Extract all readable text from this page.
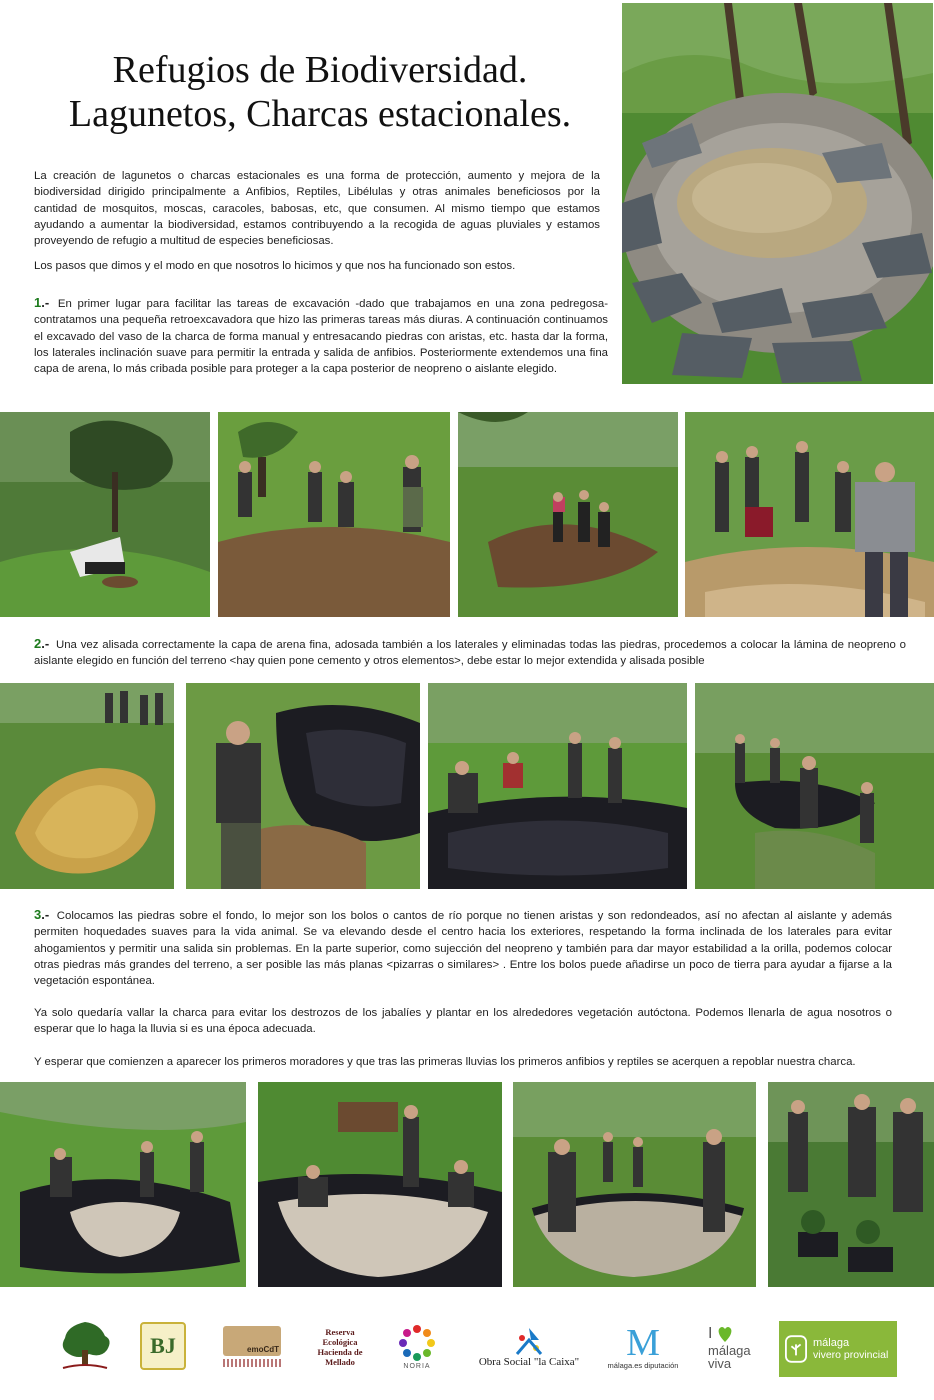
Refugios de Biodiversidad.
Lagunetos, Charcas estacionales.
La creación de lagunetos o charcas estacionales es una forma de protección, aumento y mejora de la biodiversidad dirigido principalmente a Anfibios, Reptiles, Libélulas y otras animales beneficiosos por la cantidad de mosquitos, moscas, caracoles, babosas, etc, que consumen. Al mismo tiempo que estamos ayudando a aumentar la biodiversidad, estamos contribuyendo a la recogida de aguas pluviales y estamos proveyendo de refugio a multitud de especies beneficiosas.
Los pasos que dimos y el modo en que nosotros lo hicimos y que nos ha funcionado son estos.
1.- En primer lugar para facilitar las tareas de excavación -dado que trabajamos en una zona pedregosa- contratamos una pequeña retroexcavadora que hizo las primeras tareas más diuras. A continuación continuamos el excavado del vaso de la charca de forma manual y entresacando piedras con aristas, etc. hasta dar la forma, los laterales inclinación suave para permitir la entrada y salida de anfibios. Posteriormente extendemos una fina capa de arena, lo más cribada posible para proteger a la capa posterior de neopreno o aislante elegido.
2.- Una vez alisada correctamente la capa de arena fina, adosada también a los laterales y eliminadas todas las piedras, procedemos a colocar la lámina de neopreno o aislante elegido en función del terreno <hay quien pone cemento y otros elementos>, debe estar lo mejor extendida y alisada posible
3.- Colocamos las piedras sobre el fondo, lo mejor son los bolos o cantos de río porque no tienen aristas y son redondeados, así no afectan al aislante y además permiten hoquedades suaves para la vida animal. Se va elevando desde el centro hacia los exteriores, respetando la forma inclinada de los laterales para evitar ahogamientos y permitir una salida sin problemas. En la parte superior, como sujección del neopreno y también para dar mayor estabilidad a la orilla, podemos colocar otras piedras más grandes del terreno, a ser posible las más planas <pizarras o similares> . Entre los bolos puede añadirse un poco de tierra para ayudar a fijarse a la vegetación espontánea.
Ya solo quedaría vallar la charca para evitar los destrozos de los jabalíes y plantar en los alrededores vegetación autóctona. Podemos llenarla de agua nosotros o esperar que lo haga la lluvia si es una época adecuada.
Y esperar que comienzen a aparecer los primeros moradores y que tras las primeras lluvias los primeros anfibios y reptiles se acerquen a repoblar nuestra charca.
BJ	emoCdT
Reserva Ecológica Hacienda de Mellado	NORIA	Obra Social "la Caixa" M
málaga.es diputación
I
málaga
viva
málaga
vivero provincial
